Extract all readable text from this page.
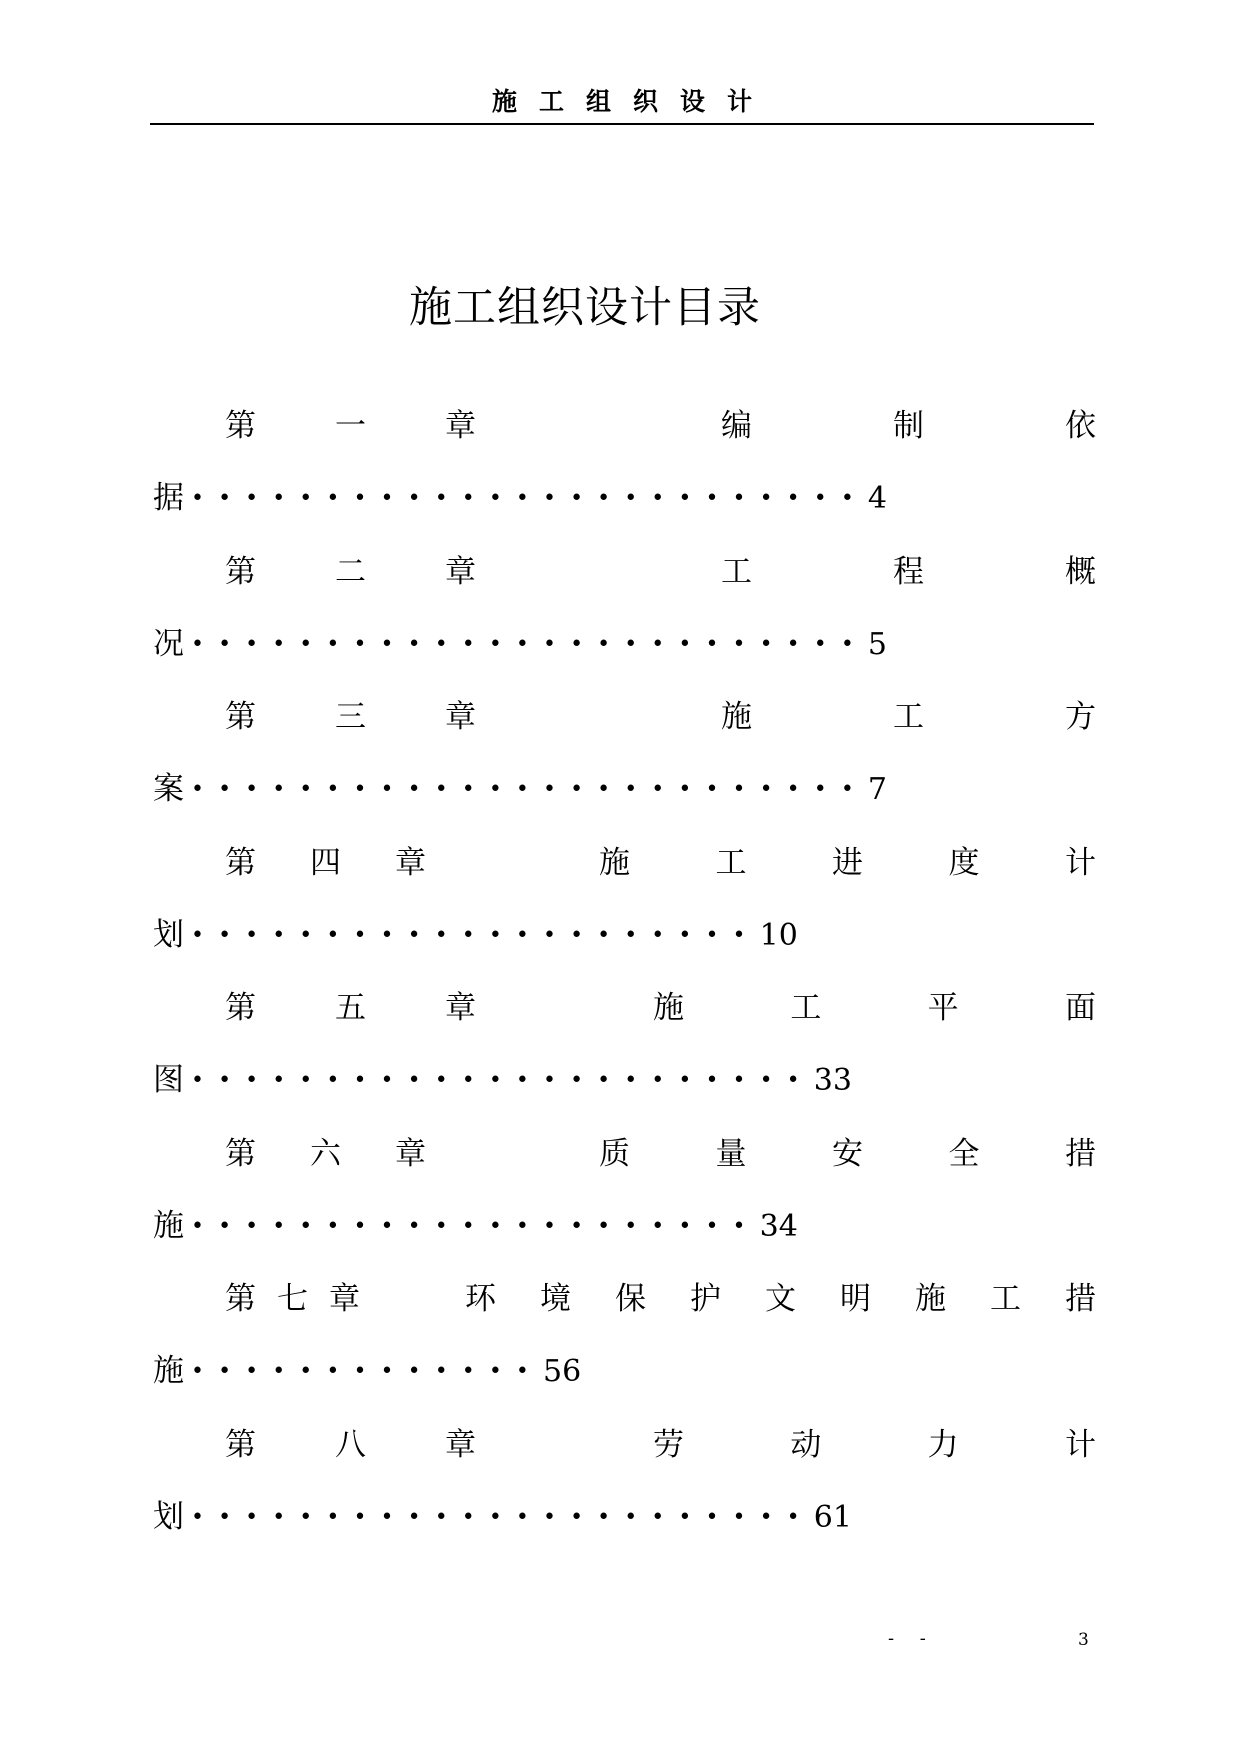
施工组织设计
施工组织设计目录
第	一	章	编	制	依
据 •••••••••••••••••••••••••4
第	二	章	工	程	概
况 •••••••••••••••••••••••••5
第	三	章	施	工	方
案 •••••••••••••••••••••••••7
第 四 章	施	工	进	度	计
划 •••••••••••••••••••••10
第	五	章	施	工	平	面
图 •••••••••••••••••••••••33
第 六 章	质	量	安	全	措
施 •••••••••••••••••••••34
第 七 章	环 境 保 护 文 明 施 工 措
施 •••••••••••••56
第	八	章	劳	动	力	计
划 •••••••••••••••••••••••61
- -	3
